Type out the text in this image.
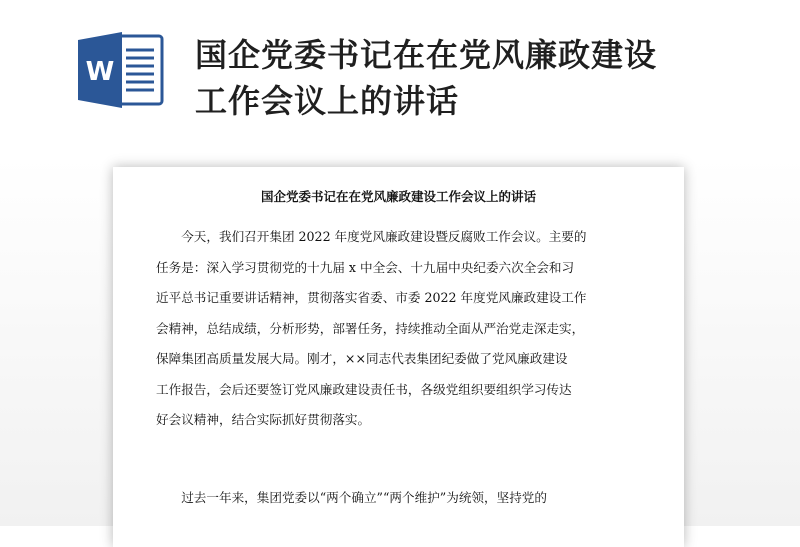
W	国企党委书记在在党风廉政建设
工作会议上的讲话
国企党委书记在在党风廉政建设工作会议上的讲话
今天，我们召开集团 2022 年度党风廉政建设暨反腐败工作会议。主要的
任务是：深入学习贯彻党的十九届 x 中全会、十九届中央纪委六次全会和习
近平总书记重要讲话精神，贯彻落实省委、市委 2022 年度党风廉政建设工作
会精神，总结成绩，分析形势，部署任务，持续推动全面从严治党走深走实，
保障集团高质量发展大局。刚才，××同志代表集团纪委做了党风廉政建设
工作报告，会后还要签订党风廉政建设责任书，各级党组织要组织学习传达
好会议精神，结合实际抓好贯彻落实。
过去一年来，集团党委以“两个确立”“两个维护”为统领，坚持党的
